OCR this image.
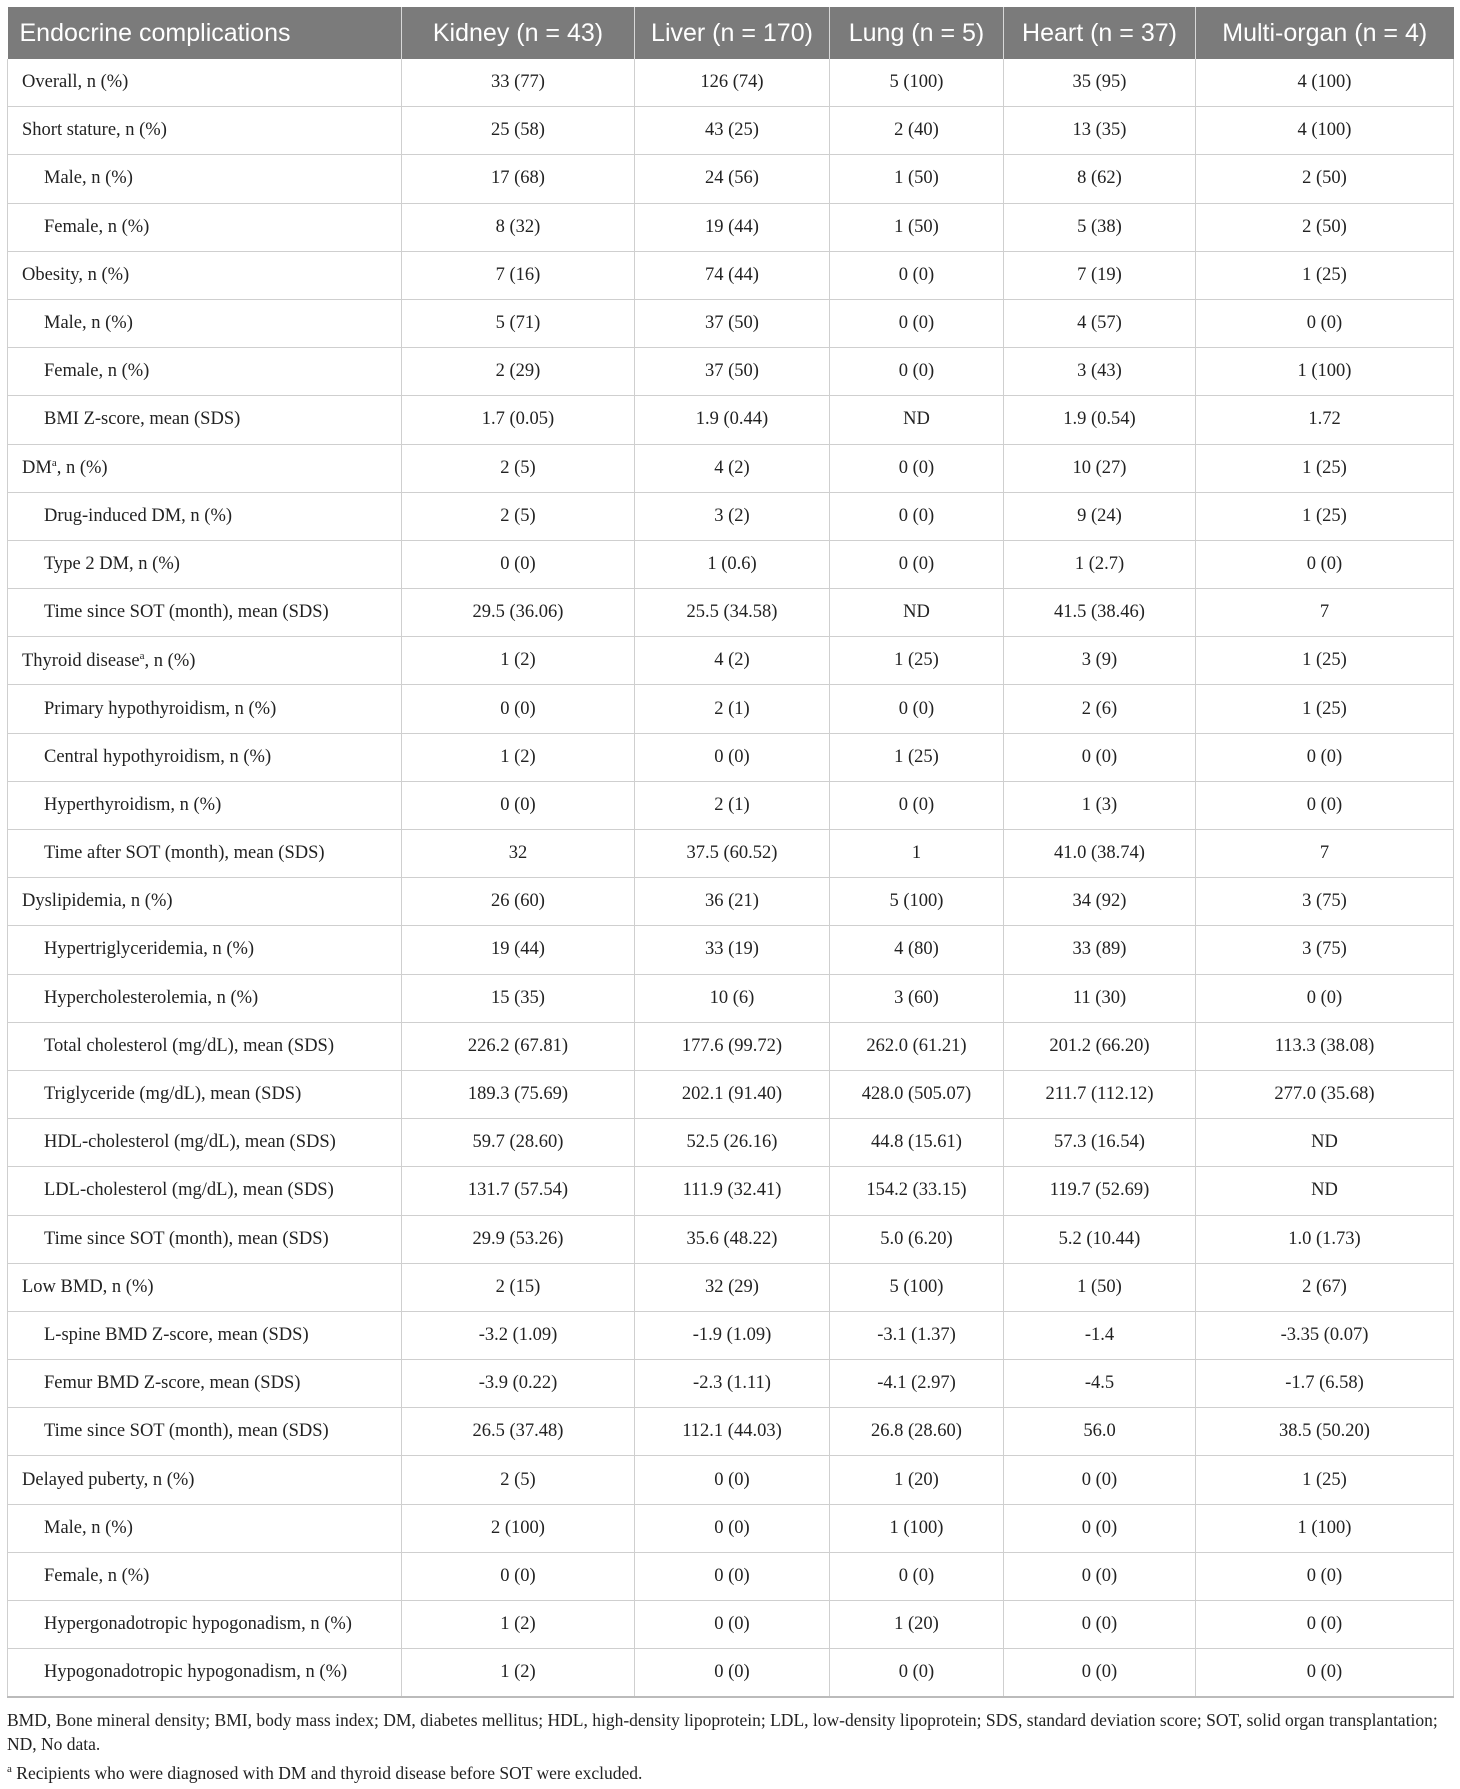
Endocrine complications	Kidney (n = 43)	Liver (n = 170)	Lung (n = 5)	Heart (n = 37)	Multi-organ (n = 4)
Overall, n (%)	33 (77)	126 (74)	5 (100)	35 (95)	4 (100)
Short stature, n (%)	25 (58)	43 (25)	2 (40)	13 (35)	4 (100)
Male, n (%)	17 (68)	24 (56)	1 (50)	8 (62)	2 (50)
Female, n (%)	8 (32)	19 (44)	1 (50)	5 (38)	2 (50)
Obesity, n (%)	7 (16)	74 (44)	0 (0)	7 (19)	1 (25)
Male, n (%)	5 (71)	37 (50)	0 (0)	4 (57)	0 (0)
Female, n (%)	2 (29)	37 (50)	0 (0)	3 (43)	1 (100)
BMI Z-score, mean (SDS)	1.7 (0.05)	1.9 (0.44)	ND	1.9 (0.54)	1.72
$DM^a$, n (%)	2 (5)	4 (2)	0 (0)	10 (27)	1 (25)
Drug-induced DM, n (%)	2 (5)	3 (2)	0 (0)	9 (24)	1 (25)
Type 2 DM, n (%)	0 (0)	1 (0.6)	0 (0)	1 (2.7)	0 (0)
Time since SOT (month), mean (SDS)	29.5 (36.06)	25.5 (34.58)	ND	41.5 (38.46)	7
Thyroid disease$^a$, n (%)	1 (2)	4 (2)	1 (25)	3 (9)	1 (25)
Primary hypothyroidism, n (%)	0 (0)	2 (1)	0 (0)	2 (6)	1 (25)
Central hypothyroidism, n (%)	1 (2)	0 (0)	1 (25)	0 (0)	0 (0)
Hyperthyroidism, n (%)	0 (0)	2 (1)	0 (0)	1 (3)	0 (0)
Time after SOT (month), mean (SDS)	32	37.5 (60.52)	1	41.0 (38.74)	7
Dyslipidemia, n (%)	26 (60)	36 (21)	5 (100)	34 (92)	3 (75)
Hypertriglyceridemia, n (%)	19 (44)	33 (19)	4 (80)	33 (89)	3 (75)
Hypercholesterolemia, n (%)	15 (35)	10 (6)	3 (60)	11 (30)	0 (0)
Total cholesterol (mg/dL), mean (SDS)	226.2 (67.81)	177.6 (99.72)	262.0 (61.21)	201.2 (66.20)	113.3 (38.08)
Triglyceride (mg/dL), mean (SDS)	189.3 (75.69)	202.1 (91.40)	428.0 (505.07)	211.7 (112.12)	277.0 (35.68)
HDL-cholesterol (mg/dL), mean (SDS)	59.7 (28.60)	52.5 (26.16)	44.8 (15.61)	57.3 (16.54)	ND
LDL-cholesterol (mg/dL), mean (SDS)	131.7 (57.54)	111.9 (32.41)	154.2 (33.15)	119.7 (52.69)	ND
Time since SOT (month), mean (SDS)	29.9 (53.26)	35.6 (48.22)	5.0 (6.20)	5.2 (10.44)	1.0 (1.73)
Low BMD, n (%)	2 (15)	32 (29)	5 (100)	1 (50)	2 (67)
L-spine BMD Z-score, mean (SDS)	-3.2 (1.09)	-1.9 (1.09)	-3.1 (1.37)	-1.4	-3.35 (0.07)
Femur BMD Z-score, mean (SDS)	-3.9 (0.22)	-2.3 (1.11)	-4.1 (2.97)	-4.5	-1.7 (6.58)
Time since SOT (month), mean (SDS)	26.5 (37.48)	112.1 (44.03)	26.8 (28.60)	56.0	38.5 (50.20)
Delayed puberty, n (%)	2 (5)	0 (0)	1 (20)	0 (0)	1 (25)
Male, n (%)	2 (100)	0 (0)	1 (100)	0 (0)	1 (100)
Female, n (%)	0 (0)	0 (0)	0 (0)	0 (0)	0 (0)
Hypergonadotropic hypogonadism, n (%)	1 (2)	0 (0)	1 (20)	0 (0)	0 (0)
Hypogonadotropic hypogonadism, n (%)	1 (2)	0 (0)	0 (0)	0 (0)	0 (0)
BMD, Bone mineral density; BMI, body mass index; DM, diabetes mellitus; HDL, high-density lipoprotein; LDL, low-density lipoprotein; SDS, standard deviation score; SOT, solid organ transplantation; ND, No data.
$^a$ Recipients who were diagnosed with DM and thyroid disease before SOT were excluded.
